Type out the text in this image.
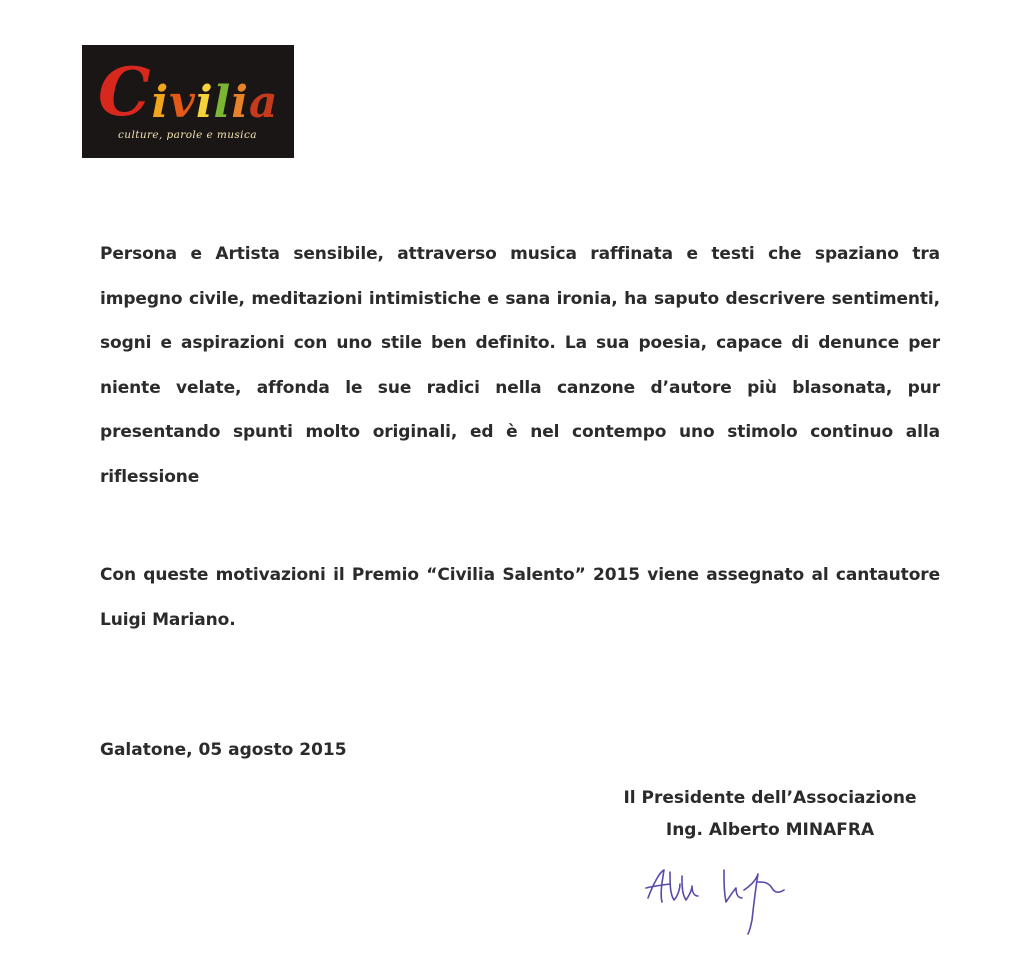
C i v i l i a
culture, parole e musica
Persona e Artista sensibile, attraverso musica raffinata e testi che spaziano tra impegno civile, meditazioni intimistiche e sana ironia, ha saputo descrivere sentimenti, sogni e aspirazioni con uno stile ben definito. La sua poesia, capace di denunce per niente velate, affonda le sue radici nella canzone d’autore più blasonata, pur presentando spunti molto originali, ed è nel contempo uno stimolo continuo alla riflessione
Con queste motivazioni il Premio “Civilia Salento” 2015 viene assegnato al cantautore Luigi Mariano.
Galatone, 05 agosto 2015
Il Presidente dell’Associazione
Ing. Alberto MINAFRA
